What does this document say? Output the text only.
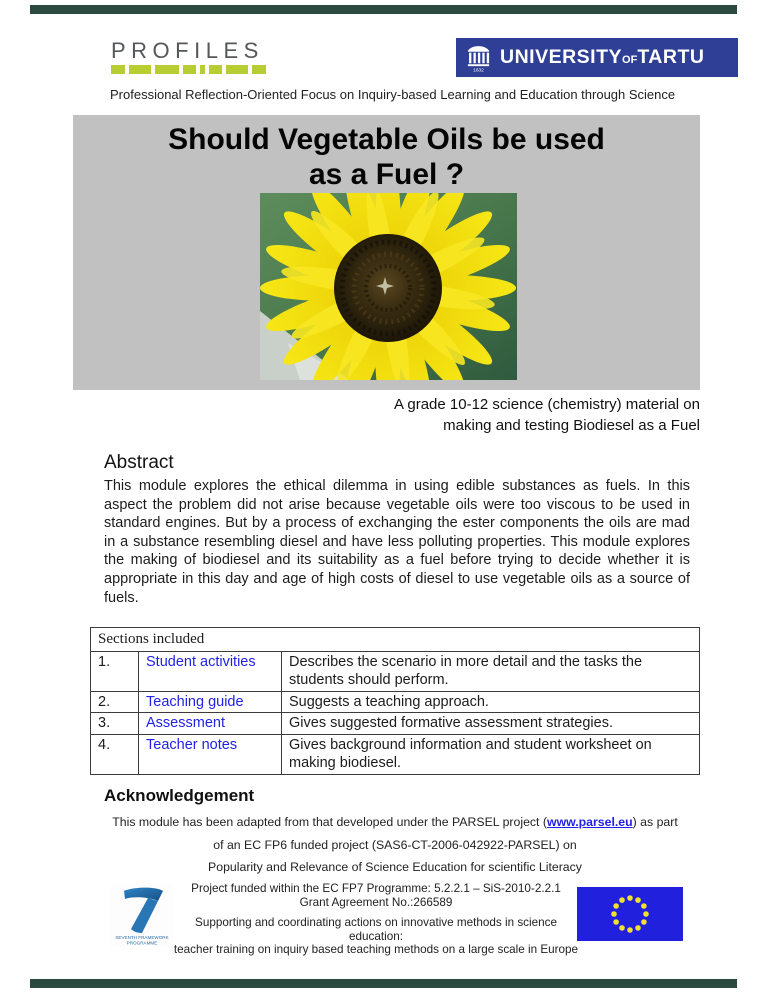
PROFILES
1632
UNIVERSITYOFTARTU
Professional Reflection-Oriented Focus on Inquiry-based Learning and Education through Science
Should Vegetable Oils be used
as a Fuel ?
A grade 10-12 science (chemistry) material on
making and testing Biodiesel as a Fuel
Abstract
This module explores the ethical dilemma in using edible substances as fuels. In this aspect the problem did not arise because vegetable oils were too viscous to be used in standard engines. But by a process of exchanging the ester components the oils are mad in a substance resembling diesel and have less polluting properties. This module explores the making of biodiesel and its suitability as a fuel before trying to decide whether it is appropriate in this day and age of high costs of diesel to use vegetable oils as a source of fuels.
Sections included		
1.	Student activities	Describes the scenario in more detail and the tasks the students should perform.
2.	Teaching guide	Suggests a teaching approach.
3.	Assessment	Gives suggested formative assessment strategies.
4.	Teacher notes	Gives background information and student worksheet on making biodiesel.
Acknowledgement
This module has been adapted from that developed under the PARSEL project (www.parsel.eu) as part
of an EC FP6 funded project (SAS6-CT-2006-042922-PARSEL) on
Popularity and Relevance of Science Education for scientific Literacy
SEVENTH FRAMEWORK
PROGRAMME
Project funded within the EC FP7 Programme: 5.2.2.1 – SiS-2010-2.2.1
Grant Agreement No.:266589
Supporting and coordinating actions on innovative methods in science education:
teacher training on inquiry based teaching methods on a large scale in Europe
